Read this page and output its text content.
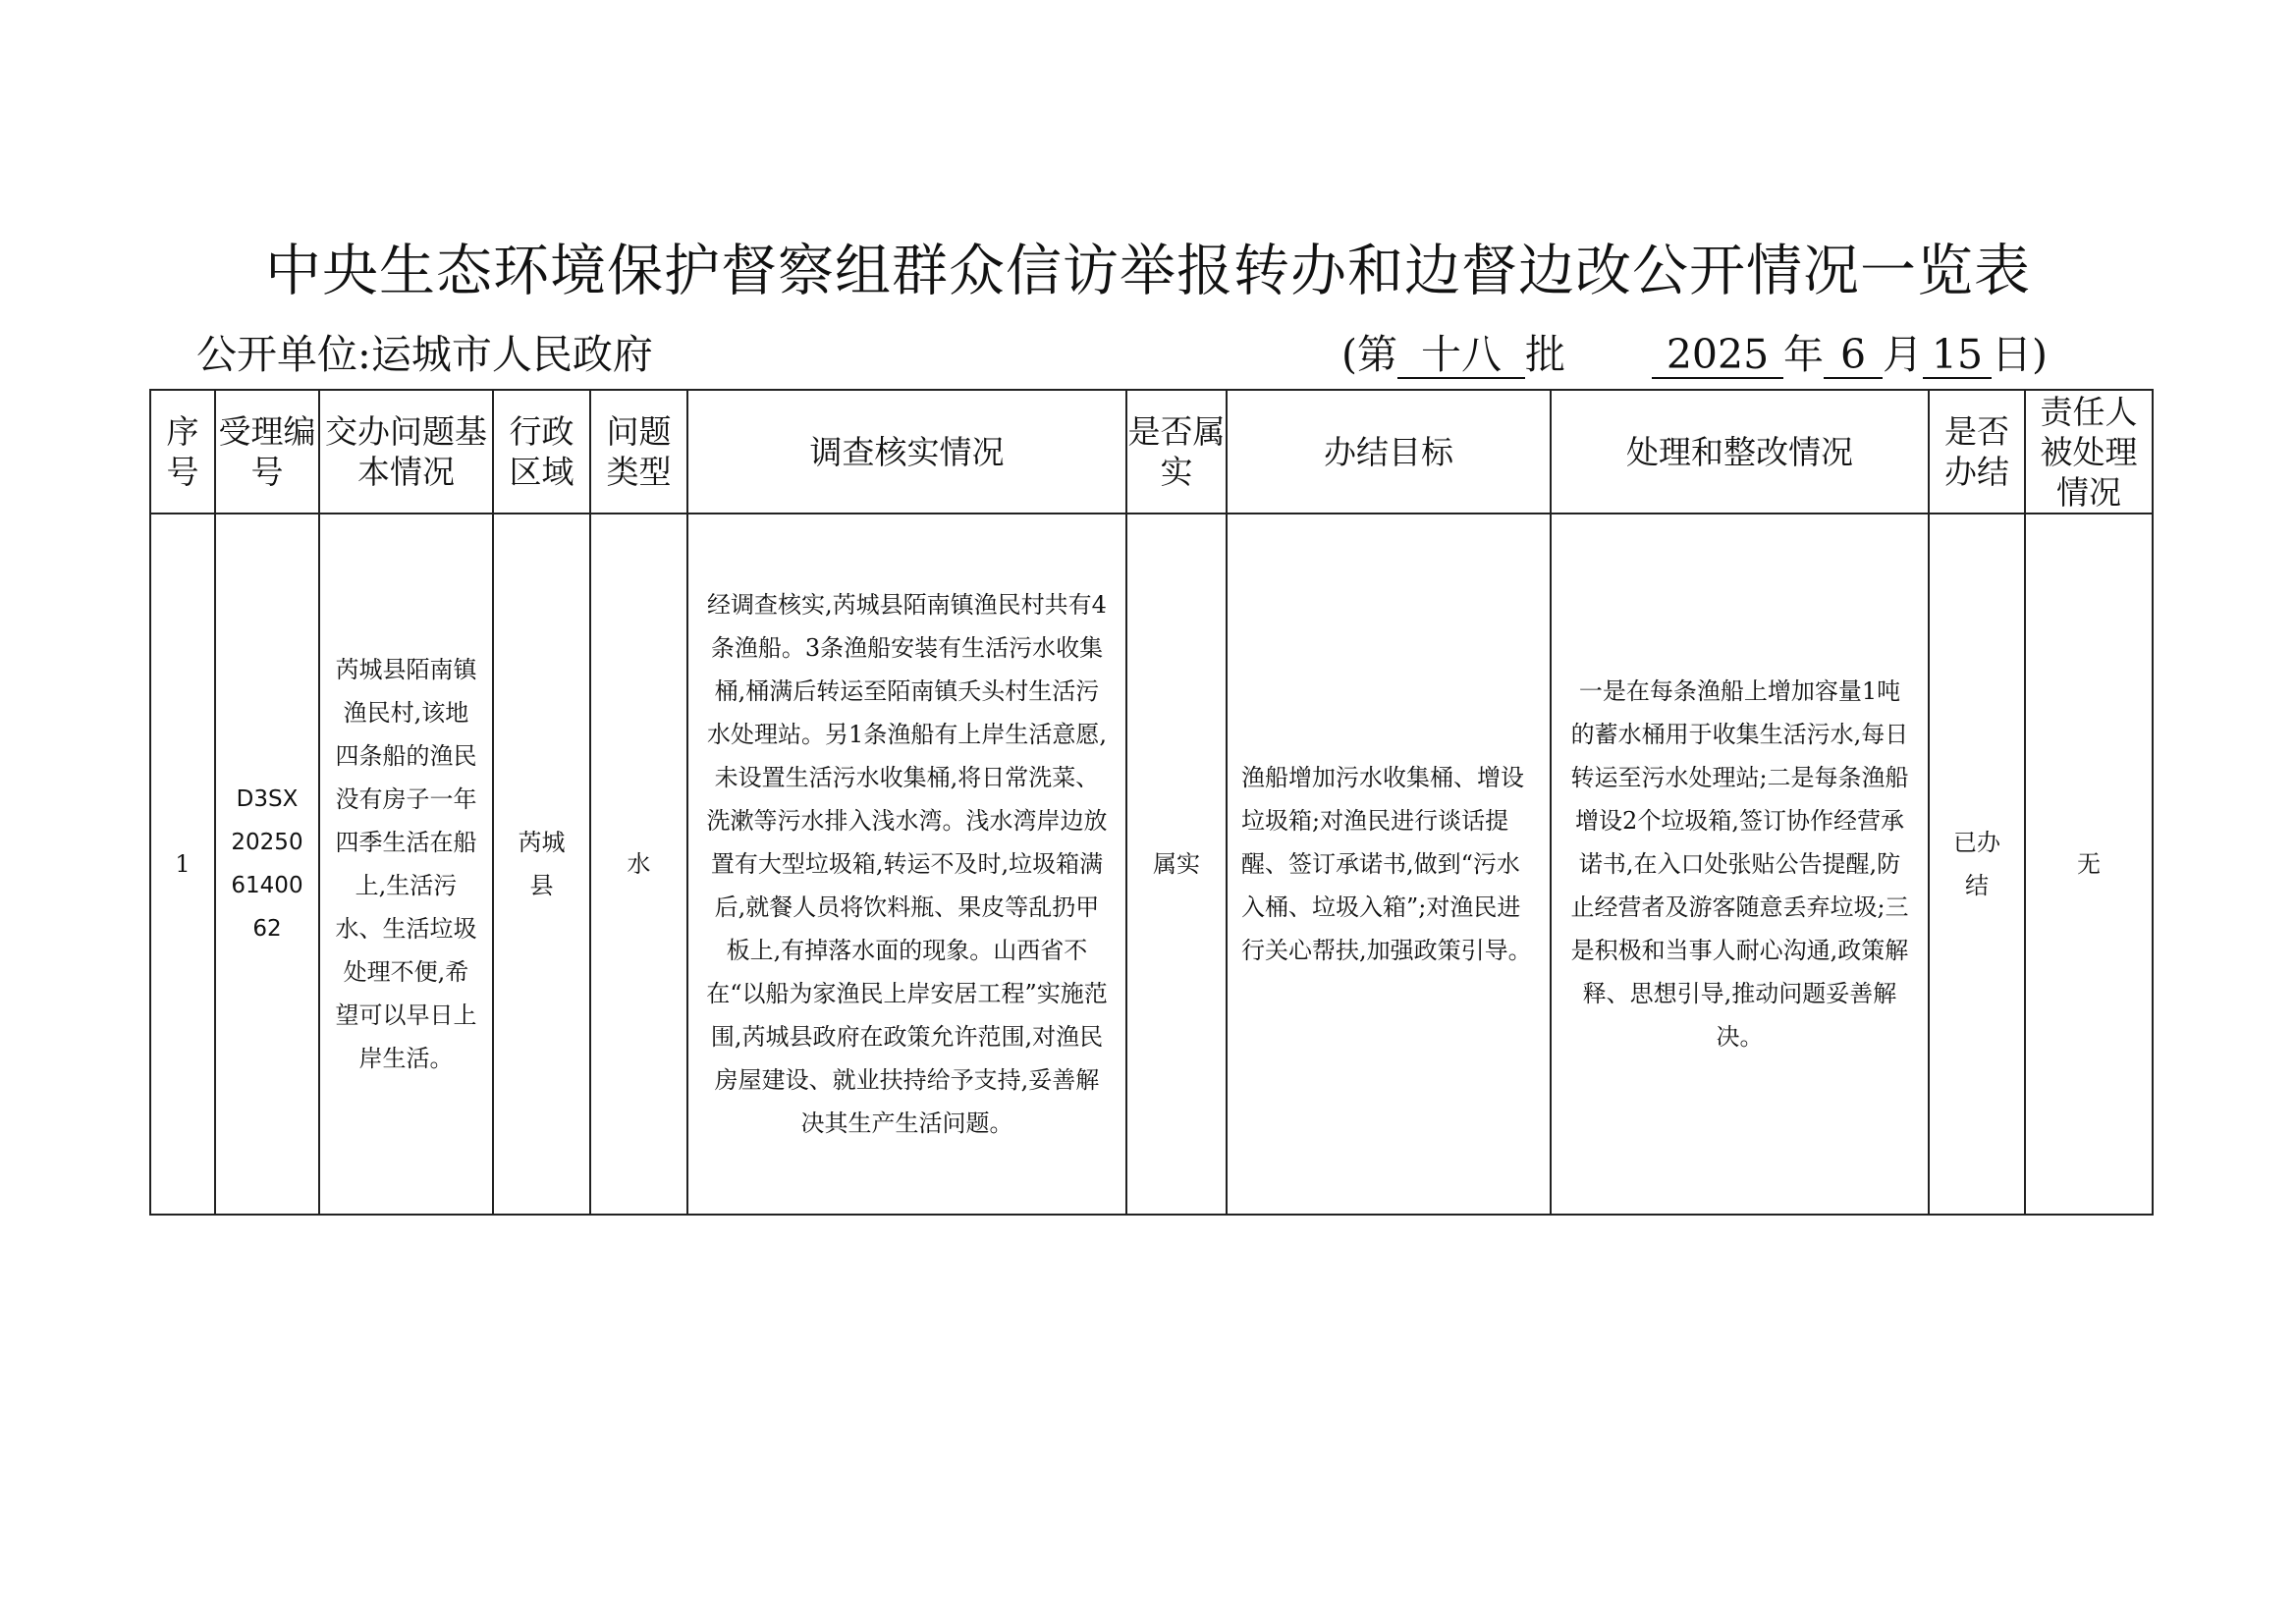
中央生态环境保护督察组群众信访举报转办和边督边改公开情况一览表
公开单位:运城市人民政府	(第 十八 批	2025 年 6 月 15 日)
序号	受理编号	交办问题基本情况	行政区域	问题类型	调查核实情况	是否属实	办结目标	处理和整改情况	是否办结	责任人被处理情况

1	D3SX2025061400 62	芮城县陌南镇渔民村,该地四条船的渔民没有房子一年四季生活在船上,生活污水、生活垃圾处理不便,希望可以早日上岸生活。	芮城县	水	经调查核实,芮城县陌南镇渔民村共有4条渔船。3条渔船安装有生活污水收集桶,桶满后转运至陌南镇夭头村生活污水处理站。另1条渔船有上岸生活意愿,未设置生活污水收集桶,将日常洗菜、洗漱等污水排入浅水湾。浅水湾岸边放置有大型垃圾箱,转运不及时,垃圾箱满后,就餐人员将饮料瓶、果皮等乱扔甲板上,有掉落水面的现象。山西省不在“以船为家渔民上岸安居工程”实施范围,芮城县政府在政策允许范围,对渔民房屋建设、就业扶持给予支持,妥善解决其生产生活问题。	属实	渔船增加污水收集桶、增设垃圾箱;对渔民进行谈话提醒、签订承诺书,做到“污水入桶、垃圾入箱”;对渔民进行关心帮扶,加强政策引导。	一是在每条渔船上增加容量1吨的蓄水桶用于收集生活污水,每日转运至污水处理站;二是每条渔船增设2个垃圾箱,签订协作经营承诺书,在入口处张贴公告提醒,防止经营者及游客随意丢弃垃圾;三是积极和当事人耐心沟通,政策解释、思想引导,推动问题妥善解决。	已办结	无
